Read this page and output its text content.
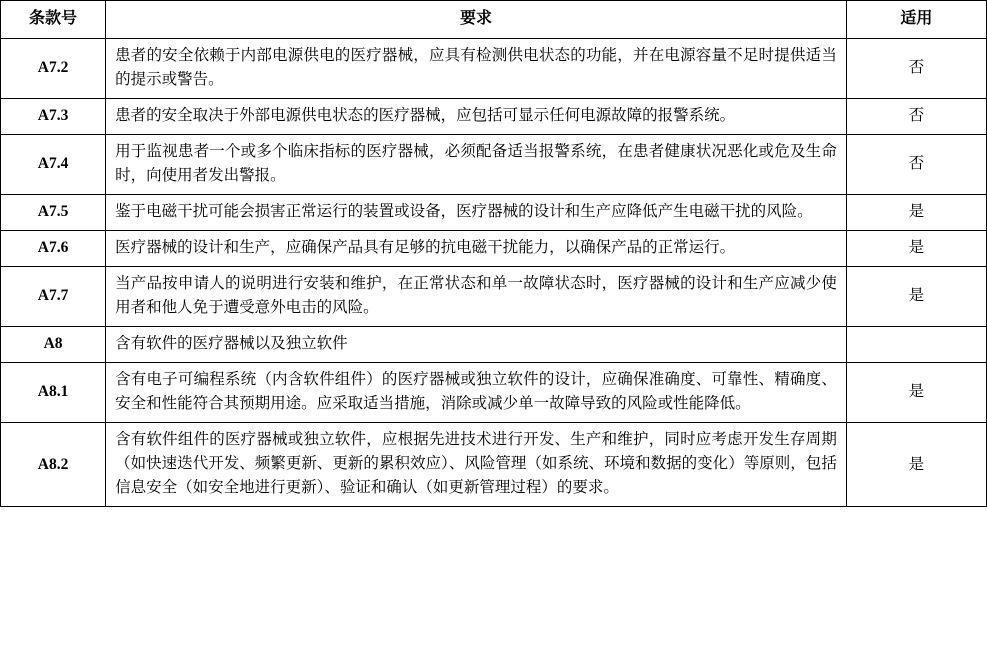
条款号	要求	适用
A7.2	患者的安全依赖于内部电源供电的医疗器械，应具有检测供电状态的功能，并在电源容量不足时提供适当的提示或警告。	否
A7.3	患者的安全取决于外部电源供电状态的医疗器械，应包括可显示任何电源故障的报警系统。	否
A7.4	用于监视患者一个或多个临床指标的医疗器械，必须配备适当报警系统，在患者健康状况恶化或危及生命时，向使用者发出警报。	否
A7.5	鉴于电磁干扰可能会损害正常运行的装置或设备，医疗器械的设计和生产应降低产生电磁干扰的风险。	是
A7.6	医疗器械的设计和生产，应确保产品具有足够的抗电磁干扰能力，以确保产品的正常运行。	是
A7.7	当产品按申请人的说明进行安装和维护，在正常状态和单一故障状态时，医疗器械的设计和生产应减少使用者和他人免于遭受意外电击的风险。	是
A8	含有软件的医疗器械以及独立软件	
A8.1	含有电子可编程系统（内含软件组件）的医疗器械或独立软件的设计，应确保准确度、可靠性、精确度、安全和性能符合其预期用途。应采取适当措施，消除或减少单一故障导致的风险或性能降低。	是
A8.2	含有软件组件的医疗器械或独立软件，应根据先进技术进行开发、生产和维护，同时应考虑开发生存周期（如快速迭代开发、频繁更新、更新的累积效应）、风险管理（如系统、环境和数据的变化）等原则，包括信息安全（如安全地进行更新）、验证和确认（如更新管理过程）的要求。	是
